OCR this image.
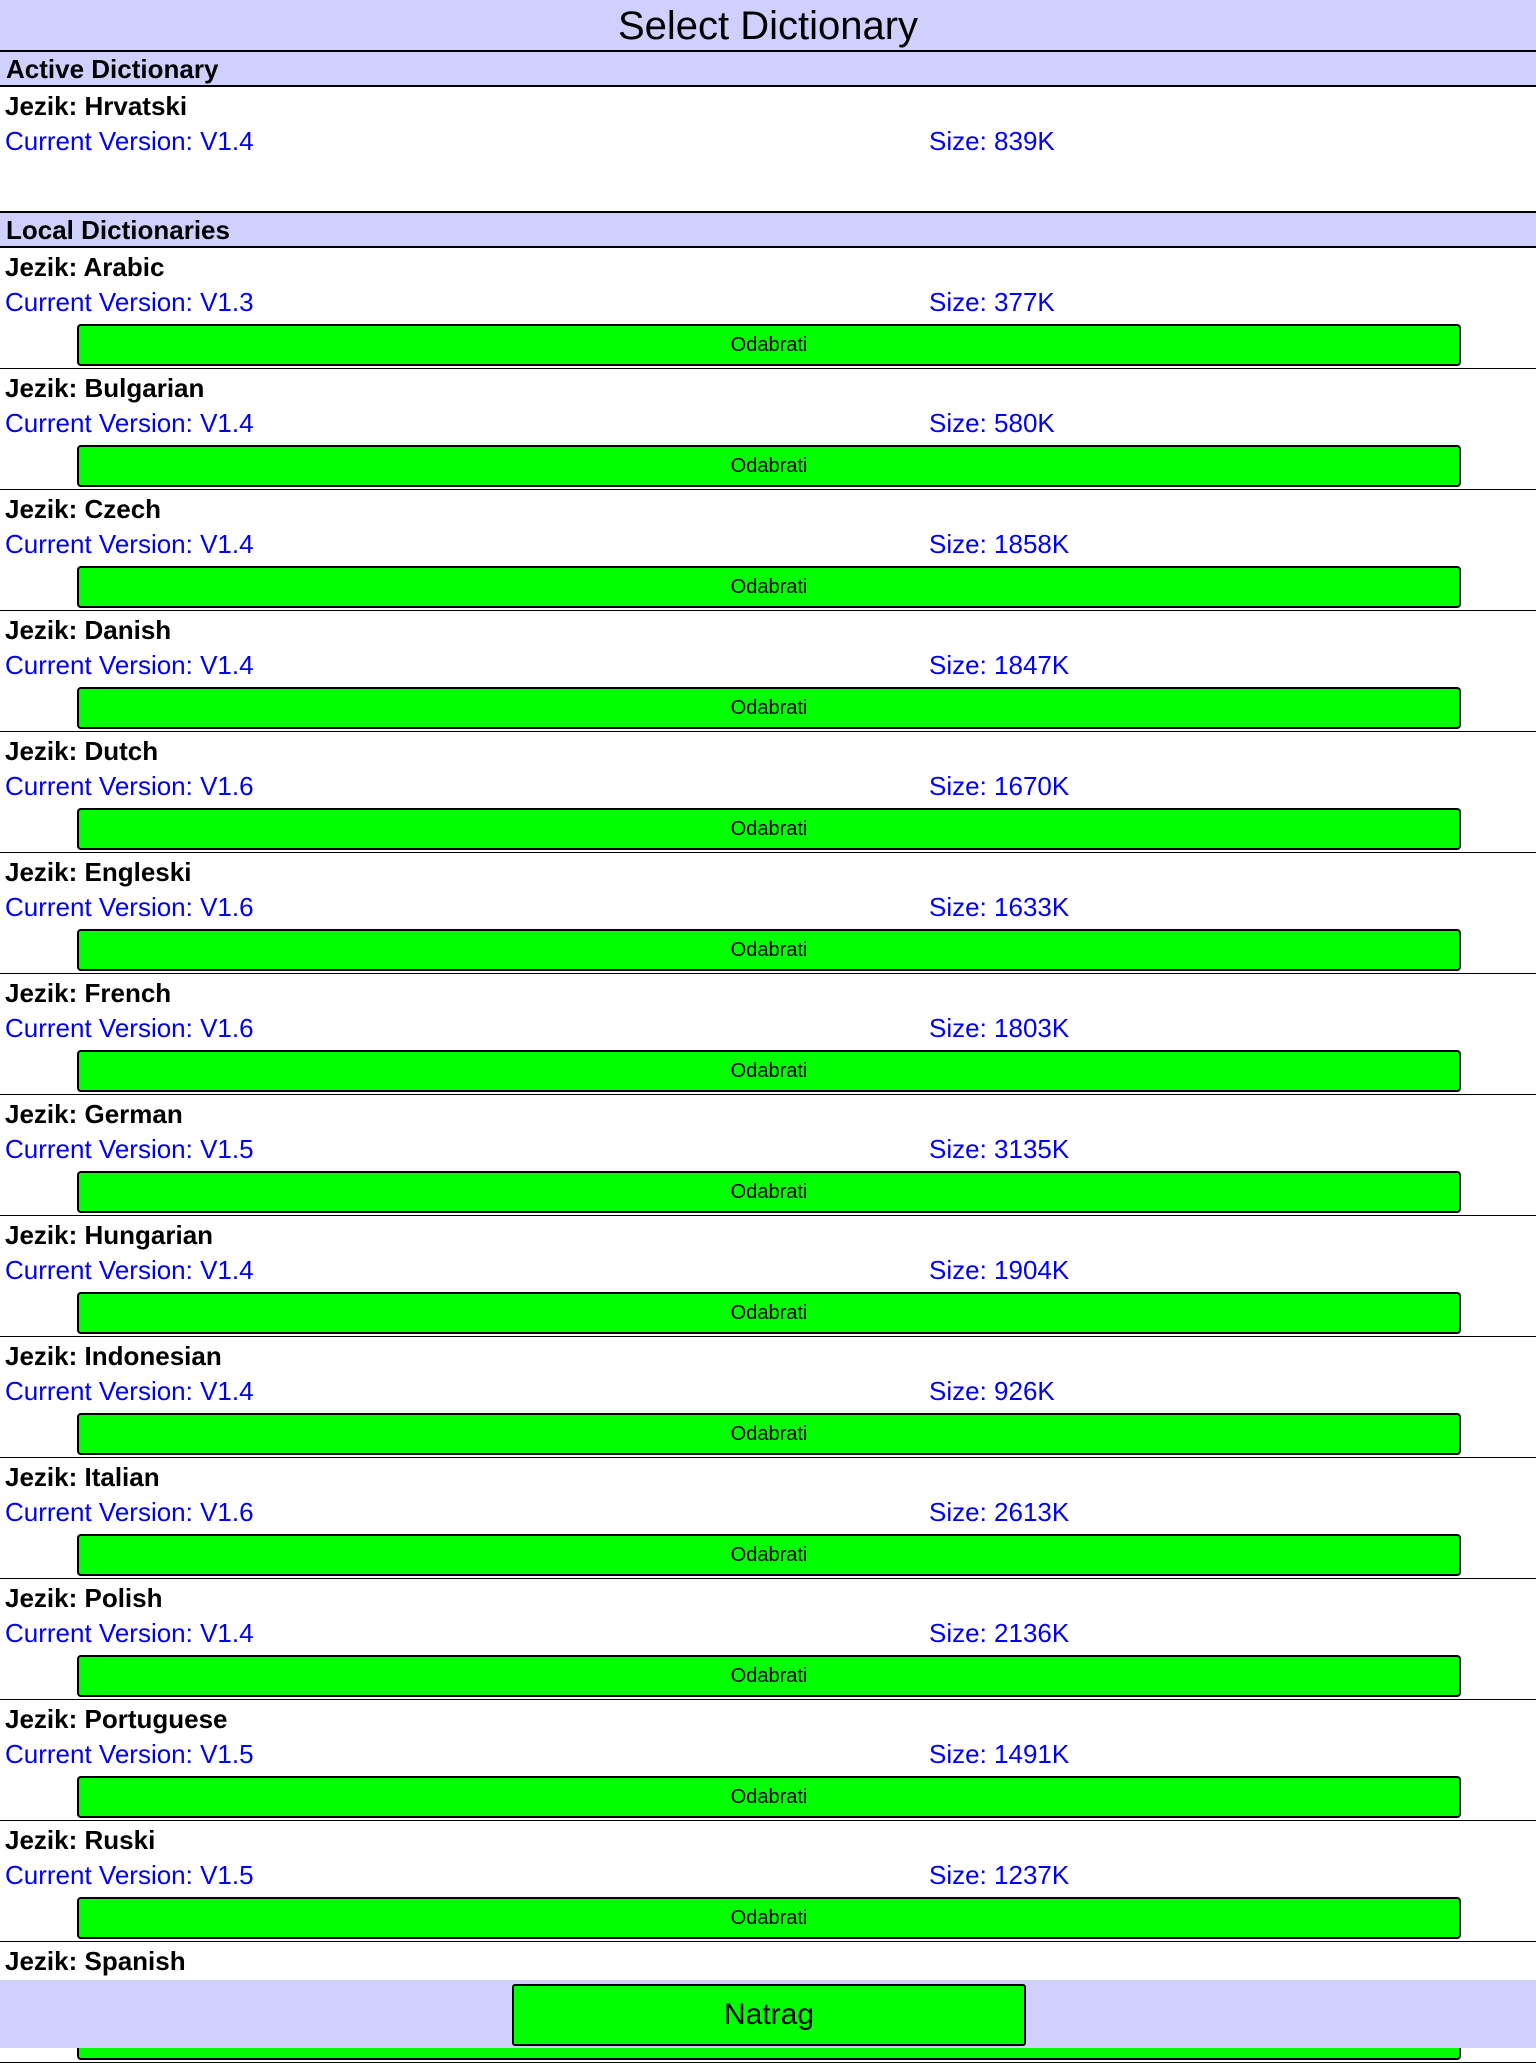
Select Dictionary
Active Dictionary
Jezik: Hrvatski
Current Version: V1.4	Size: 839K
Local Dictionaries
Jezik: Arabic
Current Version: V1.3	Size: 377K
Odabrati
Jezik: Bulgarian
Current Version: V1.4	Size: 580K
Odabrati
Jezik: Czech
Current Version: V1.4	Size: 1858K
Odabrati
Jezik: Danish
Current Version: V1.4	Size: 1847K
Odabrati
Jezik: Dutch
Current Version: V1.6	Size: 1670K
Odabrati
Jezik: Engleski
Current Version: V1.6	Size: 1633K
Odabrati
Jezik: French
Current Version: V1.6	Size: 1803K
Odabrati
Jezik: German
Current Version: V1.5	Size: 3135K
Odabrati
Jezik: Hungarian
Current Version: V1.4	Size: 1904K
Odabrati
Jezik: Indonesian
Current Version: V1.4	Size: 926K
Odabrati
Jezik: Italian
Current Version: V1.6	Size: 2613K
Odabrati
Jezik: Polish
Current Version: V1.4	Size: 2136K
Odabrati
Jezik: Portuguese
Current Version: V1.5	Size: 1491K
Odabrati
Jezik: Ruski
Current Version: V1.5	Size: 1237K
Odabrati
Jezik: Spanish
Natrag
